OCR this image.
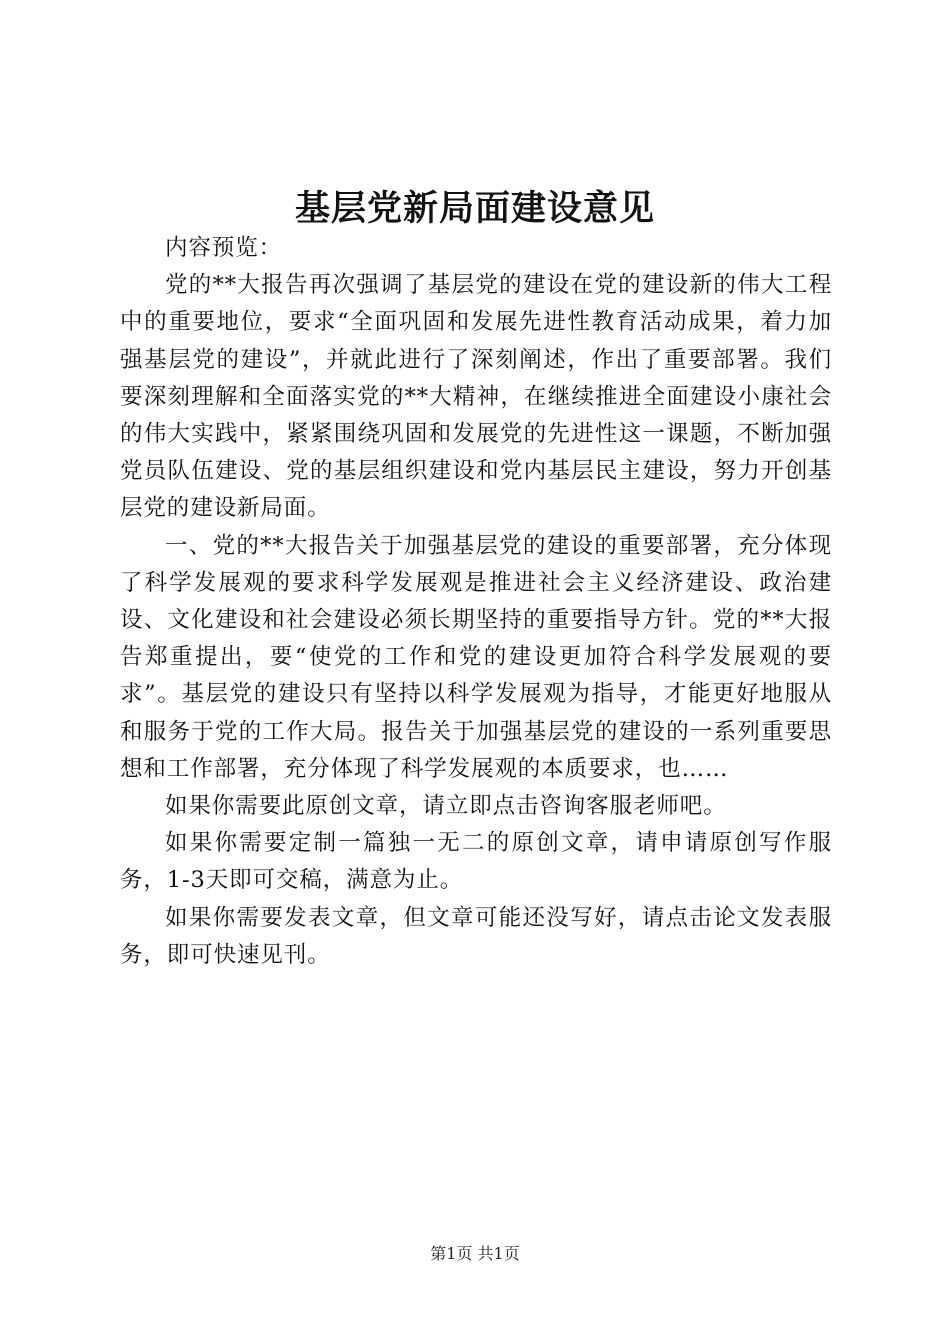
基层党新局面建设意见

内容预览：

党的**大报告再次强调了基层党的建设在党的建设新的伟大工程中的重要地位，要求“全面巩固和发展先进性教育活动成果，着力加强基层党的建设”，并就此进行了深刻阐述，作出了重要部署。我们要深刻理解和全面落实党的**大精神，在继续推进全面建设小康社会的伟大实践中，紧紧围绕巩固和发展党的先进性这一课题，不断加强党员队伍建设、党的基层组织建设和党内基层民主建设，努力开创基层党的建设新局面。

一、党的**大报告关于加强基层党的建设的重要部署，充分体现了科学发展观的要求科学发展观是推进社会主义经济建设、政治建设、文化建设和社会建设必须长期坚持的重要指导方针。党的**大报告郑重提出，要“使党的工作和党的建设更加符合科学发展观的要求”。基层党的建设只有坚持以科学发展观为指导，才能更好地服从和服务于党的工作大局。报告关于加强基层党的建设的一系列重要思想和工作部署，充分体现了科学发展观的本质要求，也……

如果你需要此原创文章，请立即点击咨询客服老师吧。

如果你需要定制一篇独一无二的原创文章，请申请原创写作服务，1-3天即可交稿，满意为止。

如果你需要发表文章，但文章可能还没写好，请点击论文发表服务，即可快速见刊。

第1页 共1页
